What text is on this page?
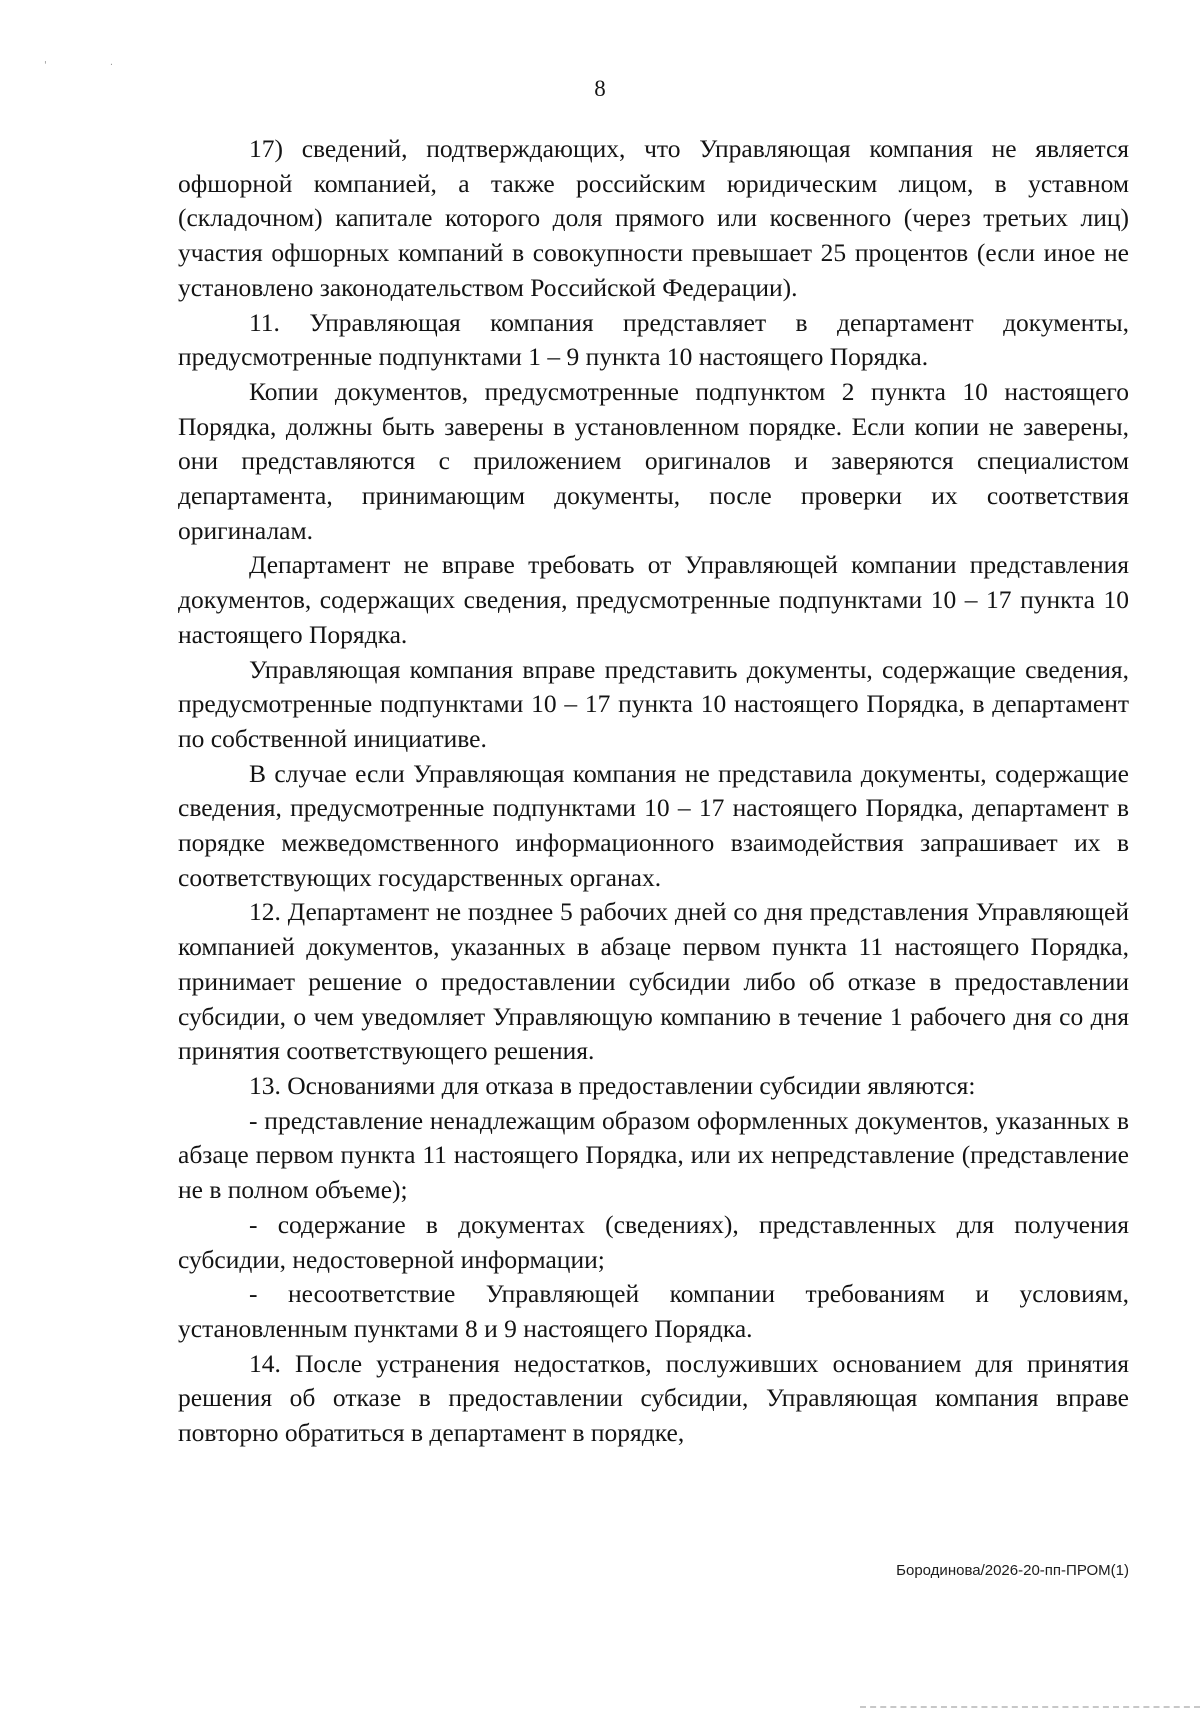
' ·
8

17) сведений, подтверждающих, что Управляющая компания не является офшорной компанией, а также российским юридическим лицом, в уставном (складочном) капитале которого доля прямого или косвенного (через третьих лиц) участия офшорных компаний в совокупности превышает 25 процентов (если иное не установлено законодательством Российской Федерации).

11. Управляющая компания представляет в департамент документы, предусмотренные подпунктами 1 – 9 пункта 10 настоящего Порядка.

Копии документов, предусмотренные подпунктом 2 пункта 10 настоящего Порядка, должны быть заверены в установленном порядке. Если копии не заверены, они представляются с приложением оригиналов и заверяются специалистом департамента, принимающим документы, после проверки их соответствия оригиналам.

Департамент не вправе требовать от Управляющей компании представления документов, содержащих сведения, предусмотренные подпунктами 10 – 17 пункта 10 настоящего Порядка.

Управляющая компания вправе представить документы, содержащие сведения, предусмотренные подпунктами 10 – 17 пункта 10 настоящего Порядка, в департамент по собственной инициативе.

В случае если Управляющая компания не представила документы, содержащие сведения, предусмотренные подпунктами 10 – 17 настоящего Порядка, департамент в порядке межведомственного информационного взаимодействия запрашивает их в соответствующих государственных органах.

12. Департамент не позднее 5 рабочих дней со дня представления Управляющей компанией документов, указанных в абзаце первом пункта 11 настоящего Порядка, принимает решение о предоставлении субсидии либо об отказе в предоставлении субсидии, о чем уведомляет Управляющую компанию в течение 1 рабочего дня со дня принятия соответствующего решения.

13. Основаниями для отказа в предоставлении субсидии являются:

- представление ненадлежащим образом оформленных документов, указанных в абзаце первом пункта 11 настоящего Порядка, или их непредставление (представление не в полном объеме);

- содержание в документах (сведениях), представленных для получения субсидии, недостоверной информации;

- несоответствие Управляющей компании требованиям и условиям, установленным пунктами 8 и 9 настоящего Порядка.

14. После устранения недостатков, послуживших основанием для принятия решения об отказе в предоставлении субсидии, Управляющая компания вправе повторно обратиться в департамент в порядке,

Бородинова/2026-20-пп-ПРОМ(1)
